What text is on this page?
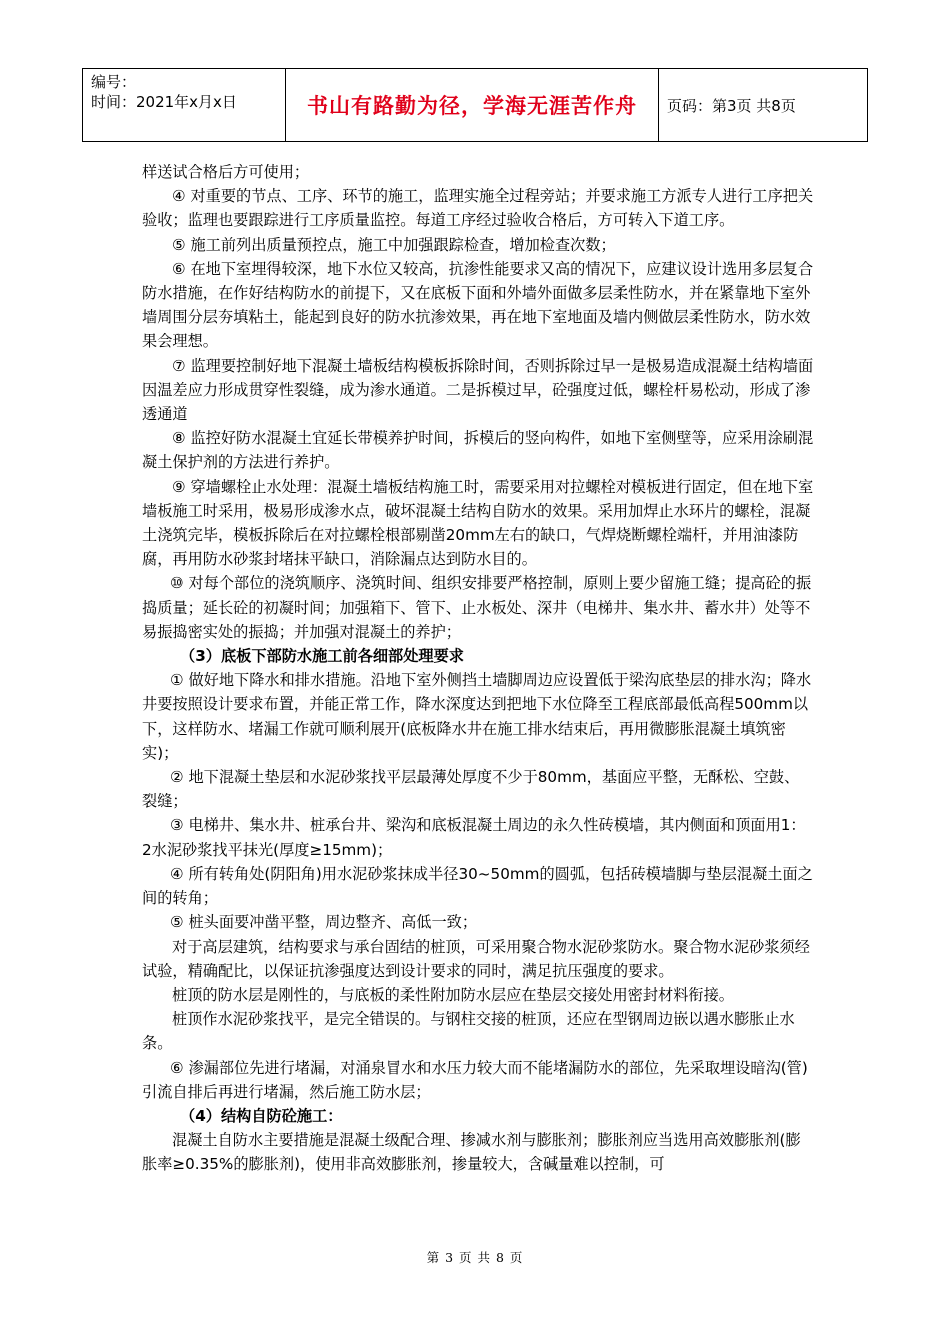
编号：
时间：2021年x月x日	书山有路勤为径，学海无涯苦作舟	页码：第3页 共8页

样送试合格后方可使用；

④ 对重要的节点、工序、环节的施工，监理实施全过程旁站；并要求施工方派专人进行工序把关验收；监理也要跟踪进行工序质量监控。每道工序经过验收合格后，方可转入下道工序。

⑤ 施工前列出质量预控点，施工中加强跟踪检查，增加检查次数；

⑥ 在地下室埋得较深，地下水位又较高，抗渗性能要求又高的情况下，应建议设计选用多层复合防水措施，在作好结构防水的前提下，又在底板下面和外墙外面做多层柔性防水，并在紧靠地下室外墙周围分层夯填粘土，能起到良好的防水抗渗效果，再在地下室地面及墙内侧做层柔性防水，防水效果会理想。

⑦ 监理要控制好地下混凝土墙板结构模板拆除时间，否则拆除过早一是极易造成混凝土结构墙面因温差应力形成贯穿性裂缝，成为渗水通道。二是拆模过早，砼强度过低，螺栓杆易松动，形成了渗透通道

⑧ 监控好防水混凝土宜延长带模养护时间，拆模后的竖向构件，如地下室侧壁等，应采用涂刷混凝土保护剂的方法进行养护。

⑨ 穿墙螺栓止水处理：混凝土墙板结构施工时，需要采用对拉螺栓对模板进行固定，但在地下室墙板施工时采用，极易形成渗水点，破坏混凝土结构自防水的效果。采用加焊止水环片的螺栓，混凝土浇筑完毕，模板拆除后在对拉螺栓根部剔凿20mm左右的缺口，气焊烧断螺栓端杆，并用油漆防腐，再用防水砂浆封堵抹平缺口，消除漏点达到防水目的。

⑩ 对每个部位的浇筑顺序、浇筑时间、组织安排要严格控制，原则上要少留施工缝；提高砼的振捣质量；延长砼的初凝时间；加强箱下、管下、止水板处、深井（电梯井、集水井、蓄水井）处等不易振捣密实处的振捣；并加强对混凝土的养护；

（3）底板下部防水施工前各细部处理要求

① 做好地下降水和排水措施。沿地下室外侧挡土墙脚周边应设置低于梁沟底垫层的排水沟；降水井要按照设计要求布置，并能正常工作，降水深度达到把地下水位降至工程底部最低高程500mm以下，这样防水、堵漏工作就可顺利展开(底板降水井在施工排水结束后，再用微膨胀混凝土填筑密实)；

② 地下混凝土垫层和水泥砂浆找平层最薄处厚度不少于80mm，基面应平整，无酥松、空鼓、裂缝；

③ 电梯井、集水井、桩承台井、梁沟和底板混凝土周边的永久性砖模墙，其内侧面和顶面用1：2水泥砂浆找平抹光(厚度≥15mm)；

④ 所有转角处(阴阳角)用水泥砂浆抹成半径30~50mm的圆弧，包括砖模墙脚与垫层混凝土面之间的转角；

⑤ 桩头面要冲凿平整，周边整齐、高低一致；

对于高层建筑，结构要求与承台固结的桩顶，可采用聚合物水泥砂浆防水。聚合物水泥砂浆须经试验，精确配比，以保证抗渗强度达到设计要求的同时，满足抗压强度的要求。

桩顶的防水层是刚性的，与底板的柔性附加防水层应在垫层交接处用密封材料衔接。

桩顶作水泥砂浆找平，是完全错误的。与钢柱交接的桩顶，还应在型钢周边嵌以遇水膨胀止水条。

⑥ 渗漏部位先进行堵漏，对涌泉冒水和水压力较大而不能堵漏防水的部位，先采取埋设暗沟(管)引流自排后再进行堵漏，然后施工防水层；

（4）结构自防砼施工：

混凝土自防水主要措施是混凝土级配合理、掺减水剂与膨胀剂；膨胀剂应当选用高效膨胀剂(膨胀率≥0.35%的膨胀剂)，使用非高效膨胀剂，掺量较大，含碱量难以控制，可

第 3 页 共 8 页
